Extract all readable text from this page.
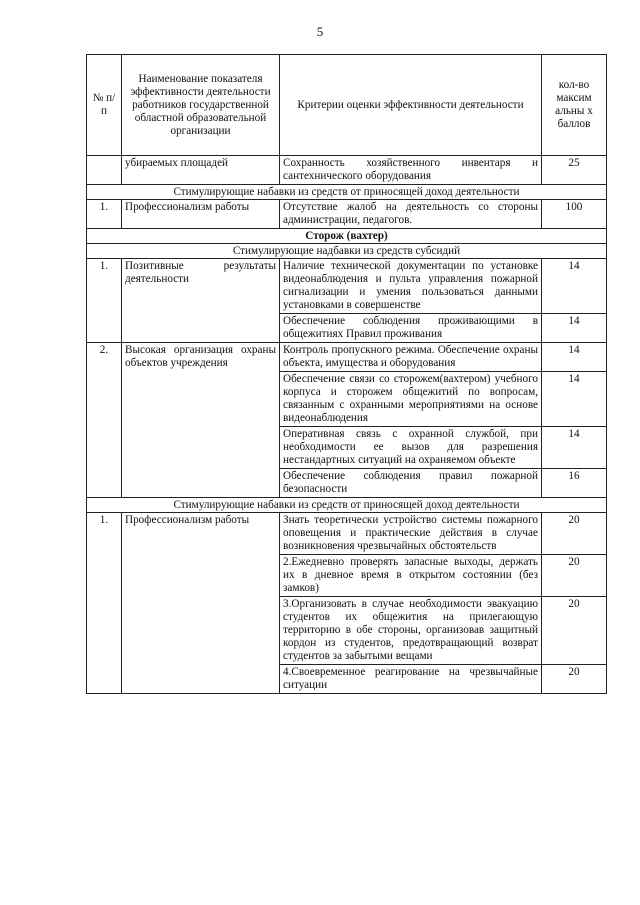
5
№ п/ п	Наименование показателя эффективности деятельности работников государственной областной образовательной организации	Критерии оценки эффективности деятельности	кол-во максим альны х баллов
	убираемых площадей	Сохранность хозяйственного инвентаря и сантехнического оборудования	25
Стимулирующие набавки из средств от приносящей доход деятельности			
1.	Профессионализм работы	Отсутствие жалоб на деятельность со стороны администрации, педагогов.	100
Сторож (вахтер)			
Стимулирующие надбавки из средств субсидий			
1.	Позитивные результаты деятельности	Наличие технической документации по установке видеонаблюдения и пульта управления пожарной сигнализации и умения пользоваться данными установками в совершенстве	14
		Обеспечение соблюдения проживающими в общежитиях Правил проживания	14
2.	Высокая организация охраны объектов учреждения	Контроль пропускного режима. Обеспечение охраны объекта, имущества и оборудования	14
		Обеспечение связи со сторожем(вахтером) учебного корпуса и сторожем общежитий по вопросам, связанным с охранными мероприятиями на основе видеонаблюдения	14
		Оперативная связь с охранной службой, при необходимости ее вызов для разрешения нестандартных ситуаций на охраняемом объекте	14
		Обеспечение соблюдения правил пожарной безопасности	16
Стимулирующие набавки из средств от приносящей доход деятельности			
1.	Профессионализм работы	Знать теоретически устройство системы пожарного оповещения и практические действия в случае возникновения чрезвычайных обстоятельств	20
		2.Ежедневно проверять запасные выходы, держать их в дневное время в открытом состоянии (без замков)	20
		3.Организовать в случае необходимости эвакуацию студентов их общежития на прилегающую территорию в обе стороны, организовав защитный кордон из студентов, предотвращающий возврат студентов за забытыми вещами	20
		4.Своевременное реагирование на чрезвычайные ситуации	20
